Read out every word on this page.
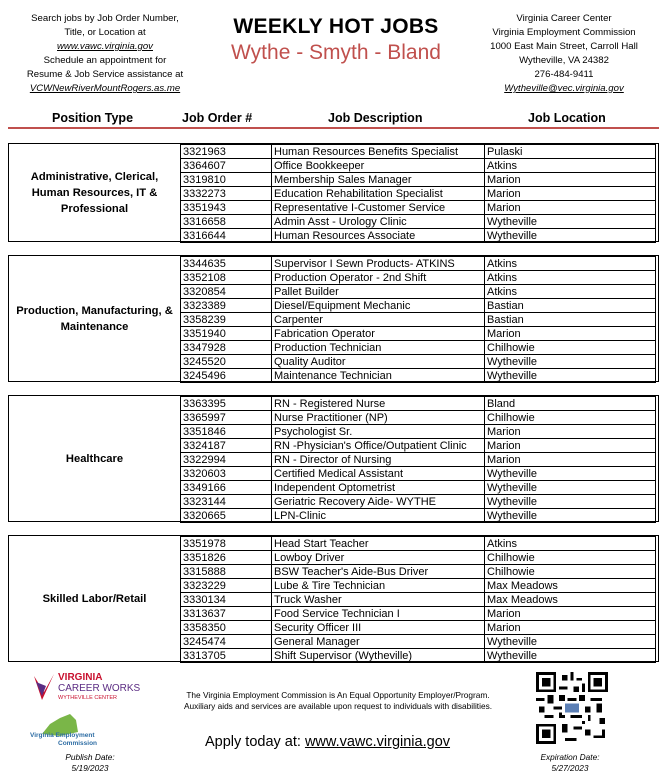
Search jobs by Job Order Number,
Title, or Location at
www.vawc.virginia.gov
Schedule an appointment for
Resume & Job Service assistance at
VCWNewRiverMountRogers.as.me
WEEKLY HOT JOBS
Wythe - Smyth - Bland
Virginia Career Center
Virginia Employment Commission
1000 East Main Street, Carroll Hall
Wytheville, VA 24382
276-484-9411
Wytheville@vec.virginia.gov
Position Type	Job Order #	Job Description	Job Location
Administrative, Clerical, Human Resources, IT & Professional
3321963	Human Resources Benefits Specialist	Pulaski
3364607	Office Bookkeeper	Atkins
3319810	Membership Sales Manager	Marion
3332273	Education Rehabilitation Specialist	Marion
3351943	Representative I-Customer Service	Marion
3316658	Admin Asst - Urology Clinic	Wytheville
3316644	Human Resources Associate	Wytheville
Production, Manufacturing, & Maintenance
3344635	Supervisor I Sewn Products- ATKINS	Atkins
3352108	Production Operator - 2nd Shift	Atkins
3320854	Pallet Builder	Atkins
3323389	Diesel/Equipment Mechanic	Bastian
3358239	Carpenter	Bastian
3351940	Fabrication Operator	Marion
3347928	Production Technician	Chilhowie
3245520	Quality Auditor	Wytheville
3245496	Maintenance Technician	Wytheville
Healthcare
3363395	RN - Registered Nurse	Bland
3365997	Nurse Practitioner (NP)	Chilhowie
3351846	Psychologist Sr.	Marion
3324187	RN -Physician's Office/Outpatient Clinic	Marion
3322994	RN - Director of Nursing	Marion
3320603	Certified Medical Assistant	Wytheville
3349166	Independent Optometrist	Wytheville
3323144	Geriatric Recovery Aide- WYTHE	Wytheville
3320665	LPN-Clinic	Wytheville
Skilled Labor/Retail
3351978	Head Start Teacher	Atkins
3351826	Lowboy Driver	Chilhowie
3315888	BSW Teacher's Aide-Bus Driver	Chilhowie
3323229	Lube & Tire Technician	Max Meadows
3330134	Truck Washer	Max Meadows
3313637	Food Service Technician I	Marion
3358350	Security Officer III	Marion
3245474	General Manager	Wytheville
3313705	Shift Supervisor (Wytheville)	Wytheville
VIRGINIA
CAREER WORKS
WYTHEVILLE CENTER
Virginia Employment
Commission
The Virginia Employment Commission is An Equal Opportunity Employer/Program. Auxiliary aids and services are available upon request to individuals with disabilities.
Apply today at: www.vawc.virginia.gov
Publish Date:
5/19/2023
Expiration Date:
5/27/2023
